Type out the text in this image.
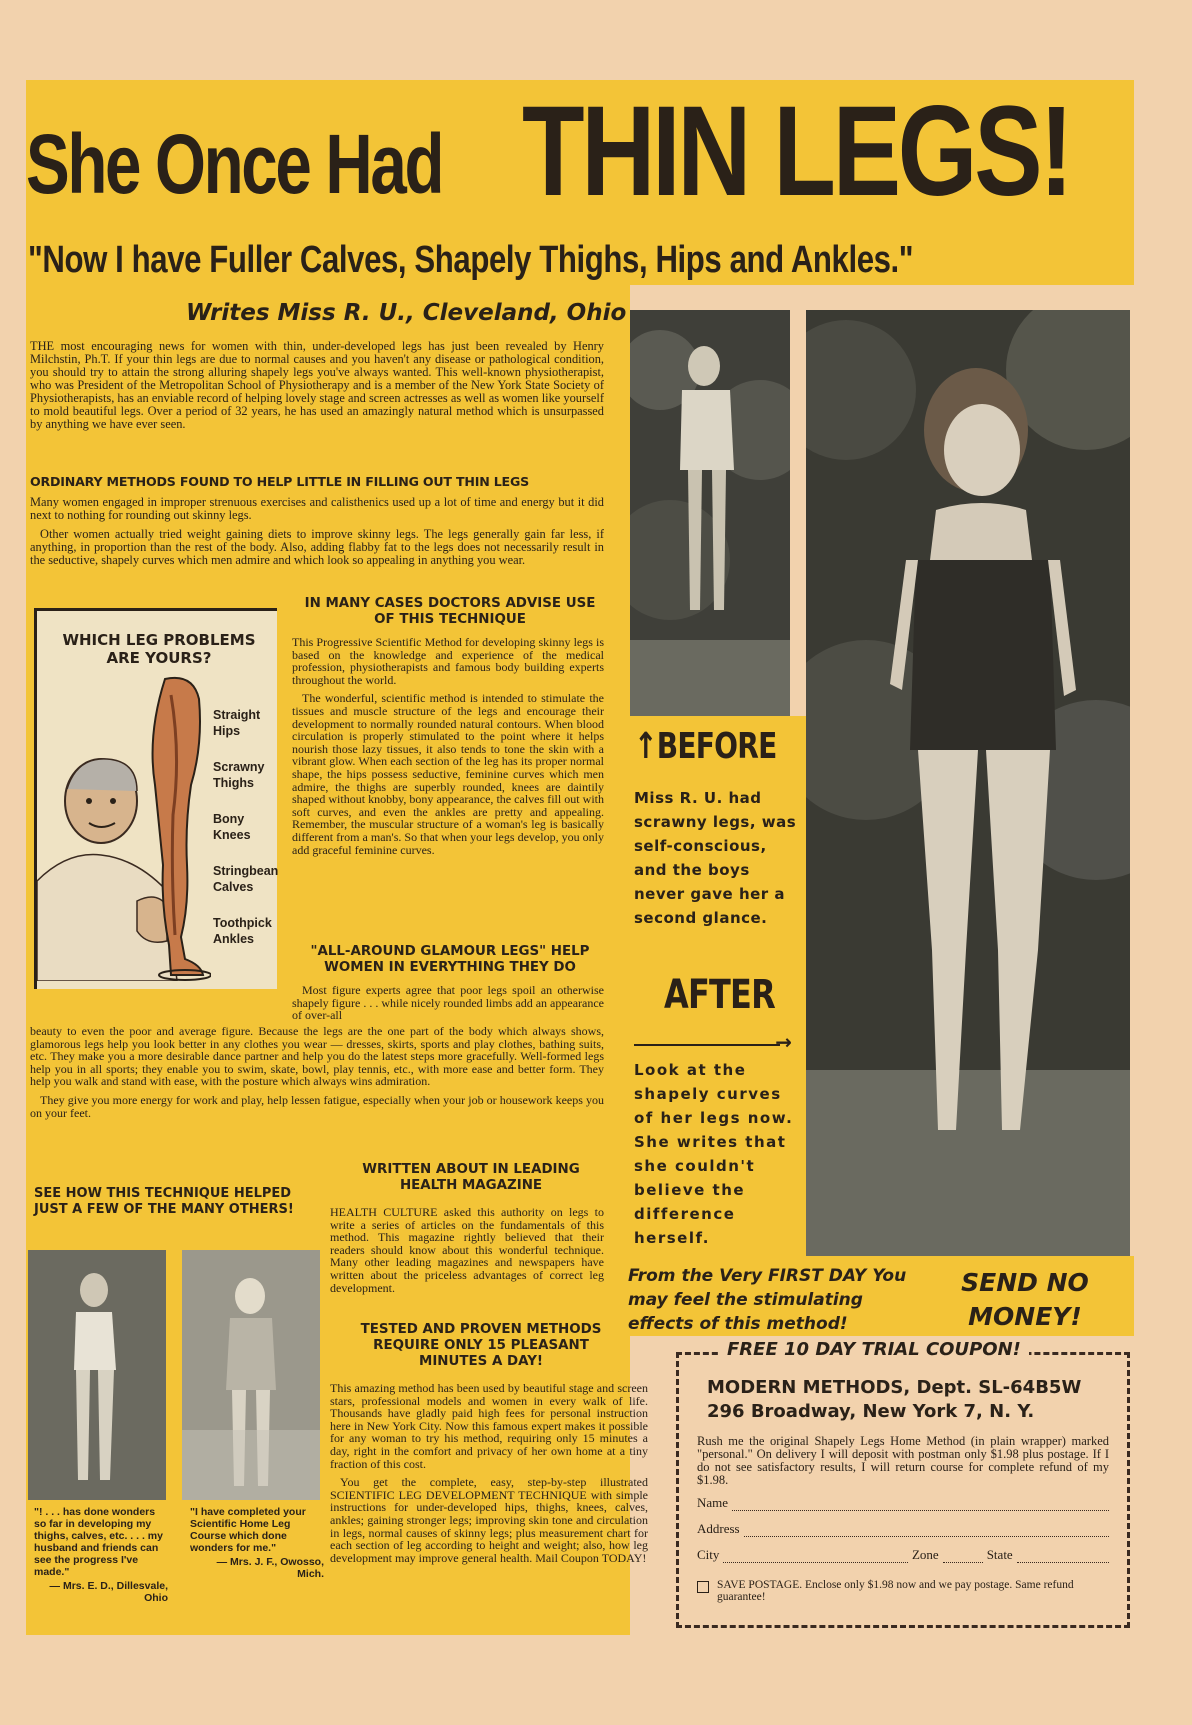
She Once Had THIN LEGS!
"Now I have Fuller Calves, Shapely Thighs, Hips and Ankles."
Writes Miss R. U., Cleveland, Ohio

THE most encouraging news for women with thin, under-developed legs has just been revealed by Henry Milchstin, Ph.T. If your thin legs are due to normal causes and you haven't any disease or pathological condition, you should try to attain the strong alluring shapely legs you've always wanted. This well-known physiotherapist, who was President of the Metropolitan School of Physiotherapy and is a member of the New York State Society of Physiotherapists, has an enviable record of helping lovely stage and screen actresses as well as women like yourself to mold beautiful legs. Over a period of 32 years, he has used an amazingly natural method which is unsurpassed by anything we have ever seen.

ORDINARY METHODS FOUND TO HELP LITTLE IN FILLING OUT THIN LEGS

Many women engaged in improper strenuous exercises and calisthenics used up a lot of time and energy but it did next to nothing for rounding out skinny legs.

Other women actually tried weight gaining diets to improve skinny legs. The legs generally gain far less, if anything, in proportion than the rest of the body. Also, adding flabby fat to the legs does not necessarily result in the seductive, shapely curves which men admire and which look so appealing in anything you wear.

WHICH LEG PROBLEMS ARE YOURS?
Straight Hips
Scrawny Thighs
Bony Knees
Stringbean Calves
Toothpick Ankles
IN MANY CASES DOCTORS ADVISE USE OF THIS TECHNIQUE

This Progressive Scientific Method for developing skinny legs is based on the knowledge and experience of the medical profession, physiotherapists and famous body building experts throughout the world.

The wonderful, scientific method is intended to stimulate the tissues and muscle structure of the legs and encourage their development to normally rounded natural contours. When blood circulation is properly stimulated to the point where it helps nourish those lazy tissues, it also tends to tone the skin with a vibrant glow. When each section of the leg has its proper normal shape, the hips possess seductive, feminine curves which men admire, the thighs are superbly rounded, knees are daintily shaped without knobby, bony appearance, the calves fill out with soft curves, and even the ankles are pretty and appealing. Remember, the muscular structure of a woman's leg is basically different from a man's. So that when your legs develop, you only add graceful feminine curves.

"ALL-AROUND GLAMOUR LEGS" HELP WOMEN IN EVERYTHING THEY DO
Most figure experts agree that poor legs spoil an otherwise shapely figure . . . while nicely rounded limbs add an appearance of over-all

beauty to even the poor and average figure. Because the legs are the one part of the body which always shows, glamorous legs help you look better in any clothes you wear — dresses, skirts, sports and play clothes, bathing suits, etc. They make you a more desirable dance partner and help you do the latest steps more gracefully. Well-formed legs help you in all sports; they enable you to swim, skate, bowl, play tennis, etc., with more ease and better form. They help you walk and stand with ease, with the posture which always wins admiration.

They give you more energy for work and play, help lessen fatigue, especially when your job or housework keeps you on your feet.

SEE HOW THIS TECHNIQUE HELPED JUST A FEW OF THE MANY OTHERS!
"! . . . has done wonders so far in developing my thighs, calves, etc. . . . my husband and friends can see the progress I've made."
— Mrs. E. D., Dillesvale, Ohio
"I have completed your Scientific Home Leg Course which done wonders for me."
— Mrs. J. F., Owosso, Mich.
WRITTEN ABOUT IN LEADING HEALTH MAGAZINE

HEALTH CULTURE asked this authority on legs to write a series of articles on the fundamentals of this method. This magazine rightly believed that their readers should know about this wonderful technique. Many other leading magazines and newspapers have written about the priceless advantages of correct leg development.

TESTED AND PROVEN METHODS REQUIRE ONLY 15 PLEASANT MINUTES A DAY!

This amazing method has been used by beautiful stage and screen stars, professional models and women in every walk of life. Thousands have gladly paid high fees for personal instruction here in New York City. Now this famous expert makes it possible for any woman to try his method, requiring only 15 minutes a day, right in the comfort and privacy of her own home at a tiny fraction of this cost.

You get the complete, easy, step-by-step illustrated SCIENTIFIC LEG DEVELOPMENT TECHNIQUE with simple instructions for under-developed hips, thighs, knees, calves, ankles; gaining stronger legs; improving skin tone and circulation in legs, normal causes of skinny legs; plus measurement chart for each section of leg according to height and weight; also, how leg development may improve general health. Mail Coupon TODAY!

↑BEFORE
Miss R. U. had scrawny legs, was self-conscious, and the boys never gave her a second glance.
AFTER
→
Look at the shapely curves of her legs now. She writes that she couldn't believe the difference herself.
From the Very FIRST DAY You may feel the stimulating effects of this method!
SEND NO MONEY!
FREE 10 DAY TRIAL COUPON!
MODERN METHODS, Dept. SL-64B5W
296 Broadway, New York 7, N. Y.
Rush me the original Shapely Legs Home Method (in plain wrapper) marked "personal." On delivery I will deposit with postman only $1.98 plus postage. If I do not see satisfactory results, I will return course for complete refund of my $1.98.
Name
Address
City	Zone	State
SAVE POSTAGE. Enclose only $1.98 now and we pay postage. Same refund guarantee!
